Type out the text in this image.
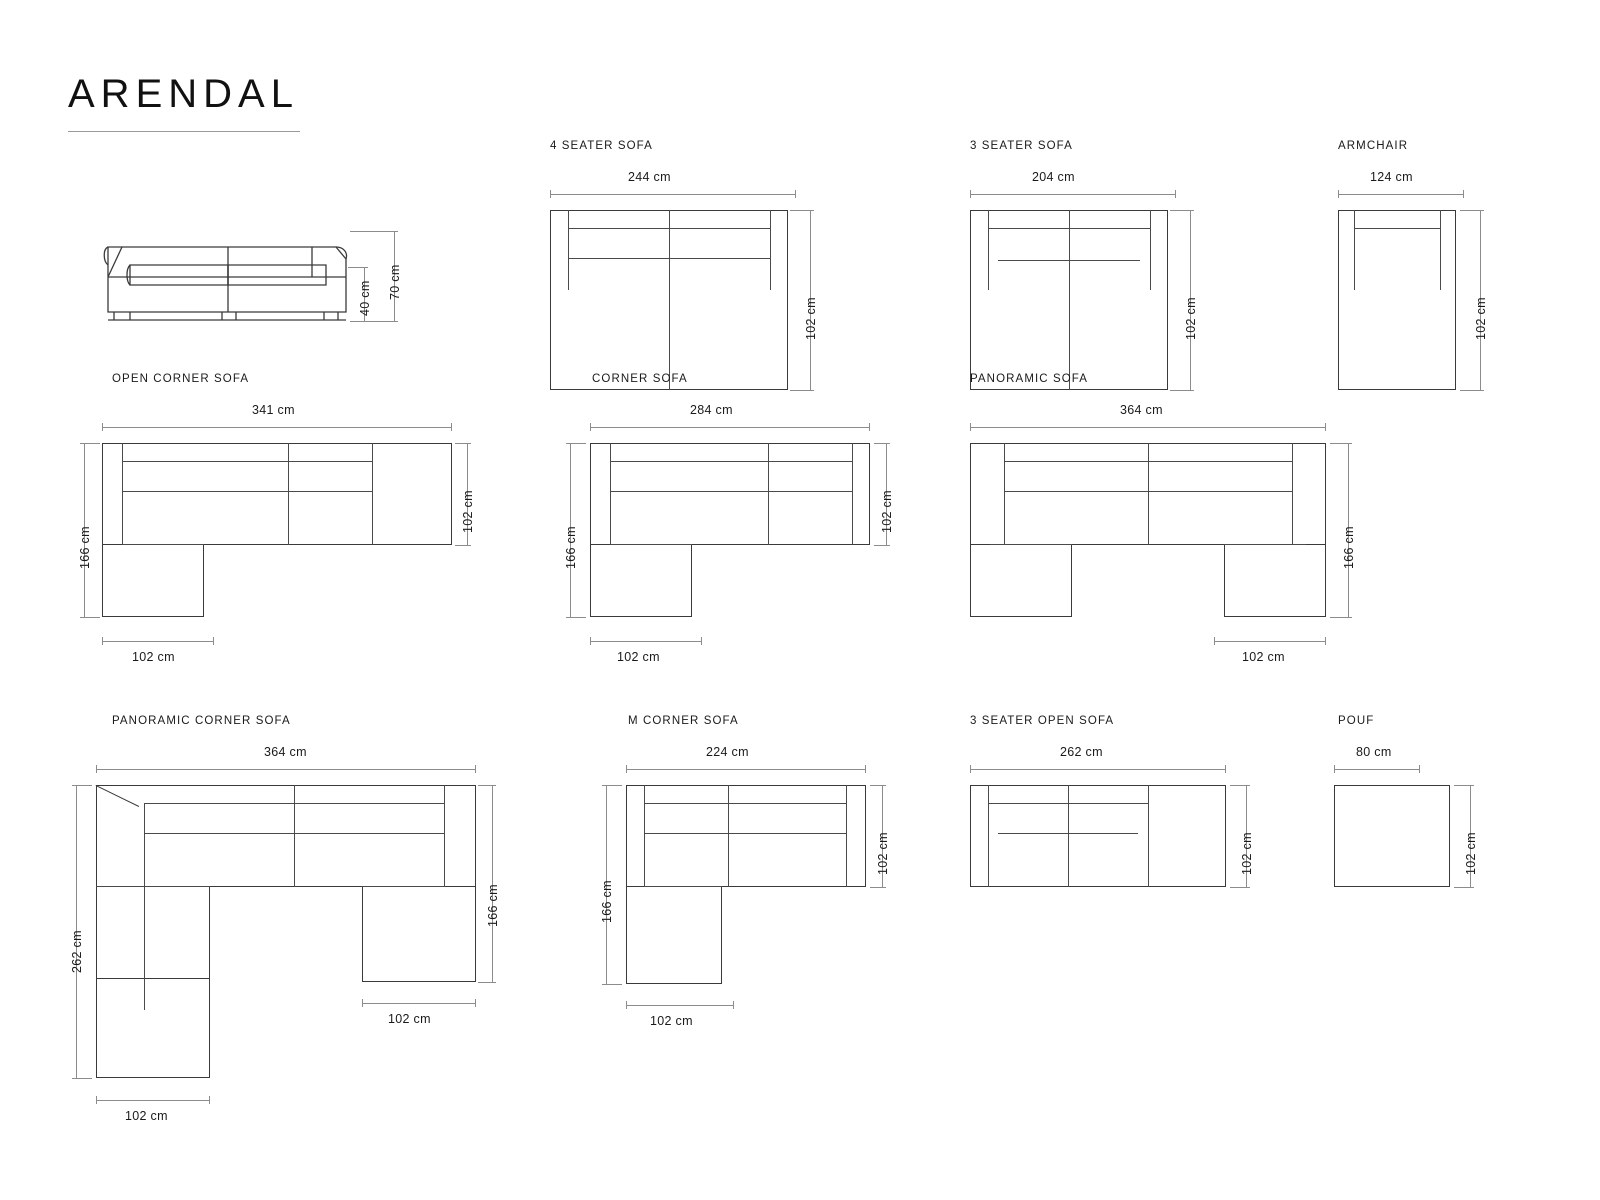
ARENDAL
70 cm
40 cm
4 SEATER SOFA
244 cm
102 cm
3 SEATER SOFA
204 cm
102 cm
ARMCHAIR
124 cm
102 cm
OPEN CORNER SOFA
341 cm
166 cm
102 cm
102 cm
CORNER SOFA
284 cm
166 cm
102 cm
102 cm
PANORAMIC SOFA
364 cm
166 cm
102 cm
PANORAMIC CORNER SOFA
364 cm
262 cm
166 cm
102 cm
102 cm
M CORNER SOFA
224 cm
166 cm
102 cm
102 cm
3 SEATER OPEN SOFA
262 cm
102 cm
POUF
80 cm
102 cm
